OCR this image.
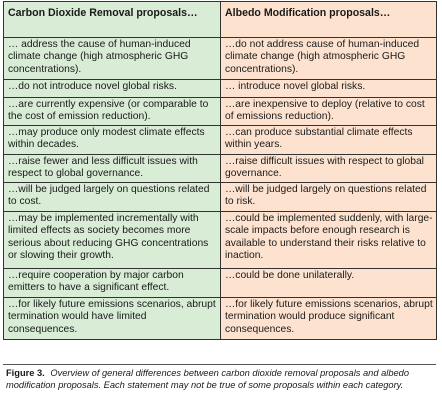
Carbon Dioxide Removal proposals…	Albedo Modification proposals…
… address the cause of human-induced climate change (high atmospheric GHG concentrations).	…do not address cause of human-induced climate change (high atmospheric GHG concentrations).
…do not introduce novel global risks.	… introduce novel global risks.
…are currently expensive (or comparable to the cost of emission reduction).	…are inexpensive to deploy (relative to cost of emissions reduction).
…may produce only modest climate effects within decades.	…can produce substantial climate effects within years.
…raise fewer and less difficult issues with respect to global governance.	…raise difficult issues with respect to global governance.
…will be judged largely on questions related to cost.	…will be judged largely on questions related to risk.
…may be implemented incrementally with limited effects as society becomes more serious about reducing GHG concentrations or slowing their growth.	…could be implemented suddenly, with large-scale impacts before enough research is available to understand their risks relative to inaction.
…require cooperation by major carbon emitters to have a significant effect.	…could be done unilaterally.
…for likely future emissions scenarios, abrupt termination would have limited consequences.	…for likely future emissions scenarios, abrupt termination would produce significant consequences.
Figure 3. Overview of general differences between carbon dioxide removal proposals and albedo modification proposals. Each statement may not be true of some proposals within each category.
